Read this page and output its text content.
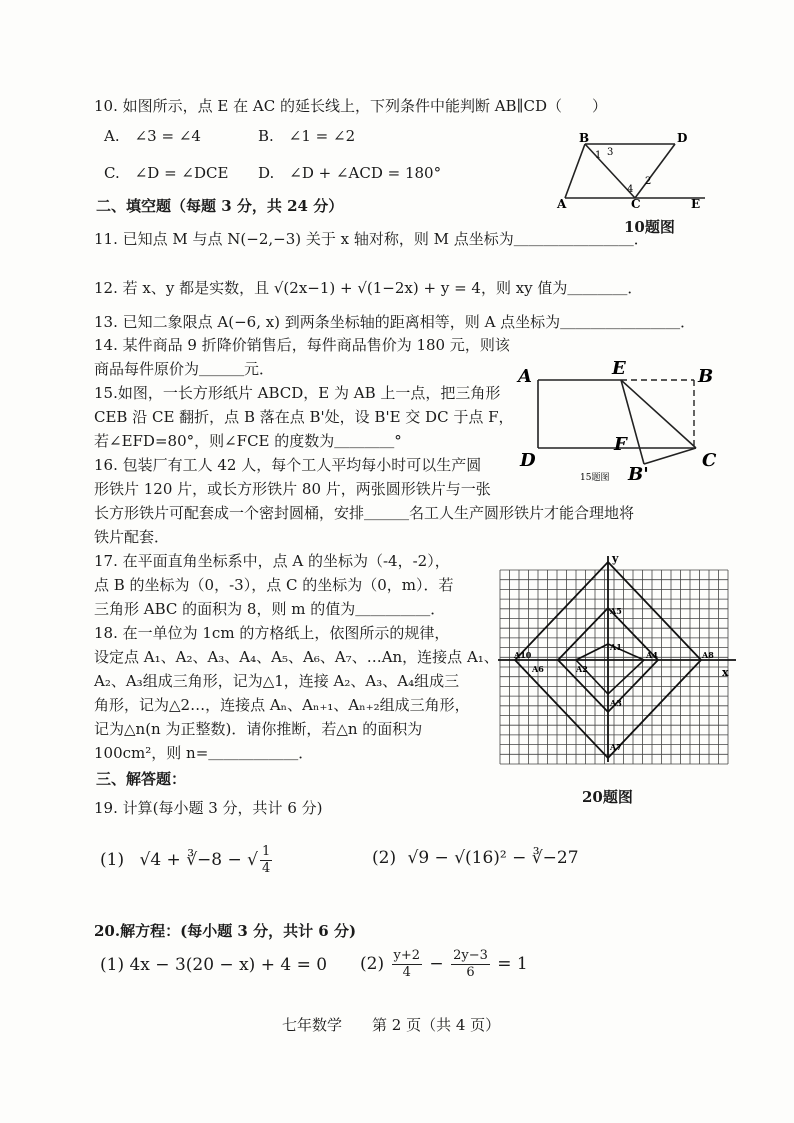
10. 如图所示，点 E 在 AC 的延长线上，下列条件中能判断 AB∥CD（　　）
A.　∠3 = ∠4	B.　∠1 = ∠2
C.　∠D = ∠DCE D.　∠D + ∠ACD = 180°
B	D
A	C	E
1 3
2
4
10题图
二、填空题（每题 3 分，共 24 分）
11. 已知点 M 与点 N(−2,−3) 关于 x 轴对称，则 M 点坐标为＿＿＿＿＿＿＿＿．
12. 若 x、y 都是实数，且 √(2x−1) + √(1−2x) + y = 4，则 xy 值为＿＿＿＿．
13. 已知二象限点 A(−6, x) 到两条坐标轴的距离相等，则 A 点坐标为＿＿＿＿＿＿＿＿．
14. 某件商品 9 折降价销售后，每件商品售价为 180 元，则该
商品每件原价为＿＿＿元．
15.如图，一长方形纸片 ABCD，E 为 AB 上一点，把三角形
CEB 沿 CE 翻折，点 B 落在点 B'处，设 B'E 交 DC 于点 F，
若∠EFD=80°，则∠FCE 的度数为＿＿＿＿°
A	E	B
D
F
C
B'
15题图
16. 包装厂有工人 42 人，每个工人平均每小时可以生产圆
形铁片 120 片，或长方形铁片 80 片，两张圆形铁片与一张
长方形铁片可配套成一个密封圆桶，安排＿＿＿名工人生产圆形铁片才能合理地将
铁片配套．
17. 在平面直角坐标系中，点 A 的坐标为（-4，-2），
点 B 的坐标为（0，-3），点 C 的坐标为（0，m）．若
三角形 ABC 的面积为 8，则 m 的值为＿＿＿＿＿．
18. 在一单位为 1cm 的方格纸上，依图所示的规律，
设定点 A₁、A₂、A₃、A₄、A₅、A₆、A₇、…An，连接点 A₁、
A₂、A₃组成三角形，记为△1，连接 A₂、A₃、A₄组成三
角形，记为△2…，连接点 Aₙ、Aₙ₊₁、Aₙ₊₂组成三角形，
记为△n(n 为正整数)．请你推断，若△n 的面积为
100cm²，则 n=＿＿＿＿＿＿．
y
x
A5
A1
A4	A8
A10
A6	A2
A3
A7
20题图
三、解答题：
19. 计算(每小题 3 分，共计 6 分)
(1) √4 + ∛−8 − √ $\frac{1}{4}$	(2) √9 − √(16)² − ∛−27
20.解方程：(每小题 3 分，共计 6 分)
(1) 4x − 3(20 − x) + 4 = 0 $(2) \frac{y+2}{4} - \frac{2y-3}{6} = 1$
七年数学　　第 2 页（共 4 页）
